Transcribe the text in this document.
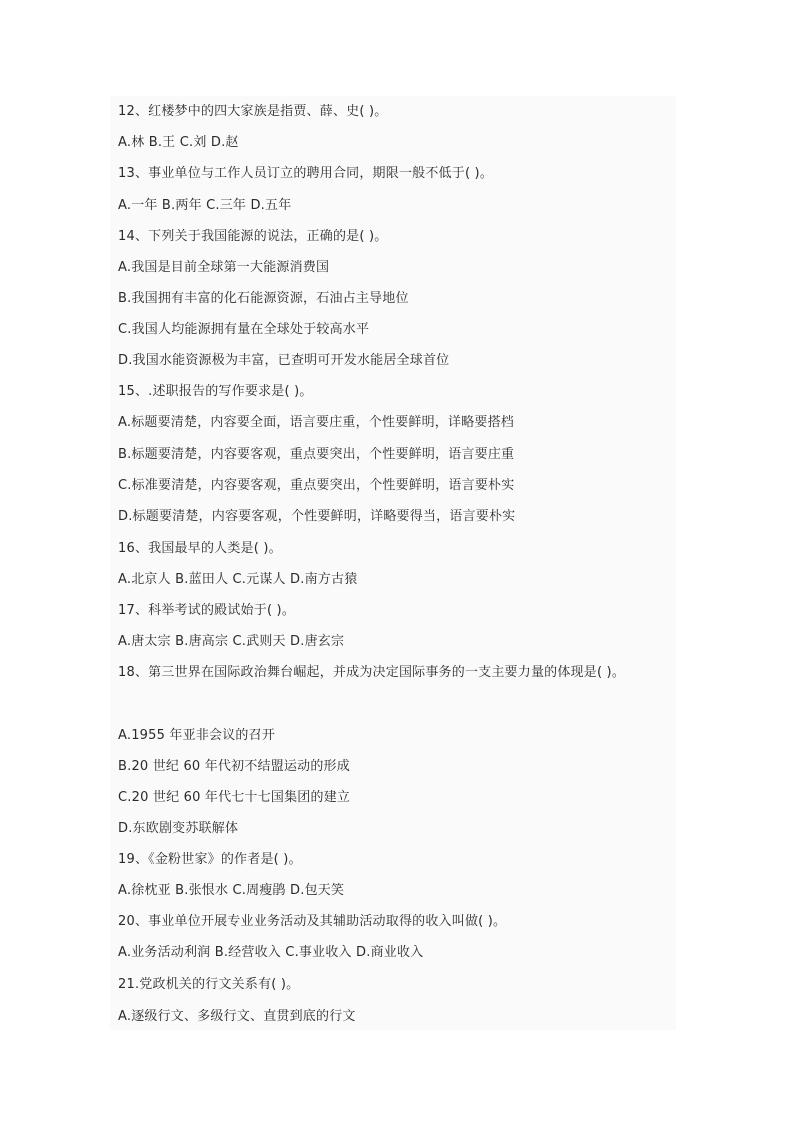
12、红楼梦中的四大家族是指贾、薛、史( )。
A.林 B.王 C.刘 D.赵
13、事业单位与工作人员订立的聘用合同，期限一般不低于( )。
A.一年 B.两年 C.三年 D.五年
14、下列关于我国能源的说法，正确的是( )。
A.我国是目前全球第一大能源消费国
B.我国拥有丰富的化石能源资源，石油占主导地位
C.我国人均能源拥有量在全球处于较高水平
D.我国水能资源极为丰富，已查明可开发水能居全球首位
15、.述职报告的写作要求是( )。
A.标题要清楚，内容要全面，语言要庄重，个性要鲜明，详略要搭档
B.标题要清楚，内容要客观，重点要突出，个性要鲜明，语言要庄重
C.标准要清楚，内容要客观，重点要突出，个性要鲜明，语言要朴实
D.标题要清楚，内容要客观，个性要鲜明，详略要得当，语言要朴实
16、我国最早的人类是( )。
A.北京人 B.蓝田人 C.元谋人 D.南方古猿
17、科举考试的殿试始于( )。
A.唐太宗 B.唐高宗 C.武则天 D.唐玄宗
18、第三世界在国际政治舞台崛起，并成为决定国际事务的一支主要力量的体现是( )。
A.1955 年亚非会议的召开
B.20 世纪 60 年代初不结盟运动的形成
C.20 世纪 60 年代七十七国集团的建立
D.东欧剧变苏联解体
19、《金粉世家》的作者是( )。
A.徐枕亚 B.张恨水 C.周瘦鹃 D.包天笑
20、事业单位开展专业业务活动及其辅助活动取得的收入叫做( )。
A.业务活动利润 B.经营收入 C.事业收入 D.商业收入
21.党政机关的行文关系有( )。
A.逐级行文、多级行文、直贯到底的行文
